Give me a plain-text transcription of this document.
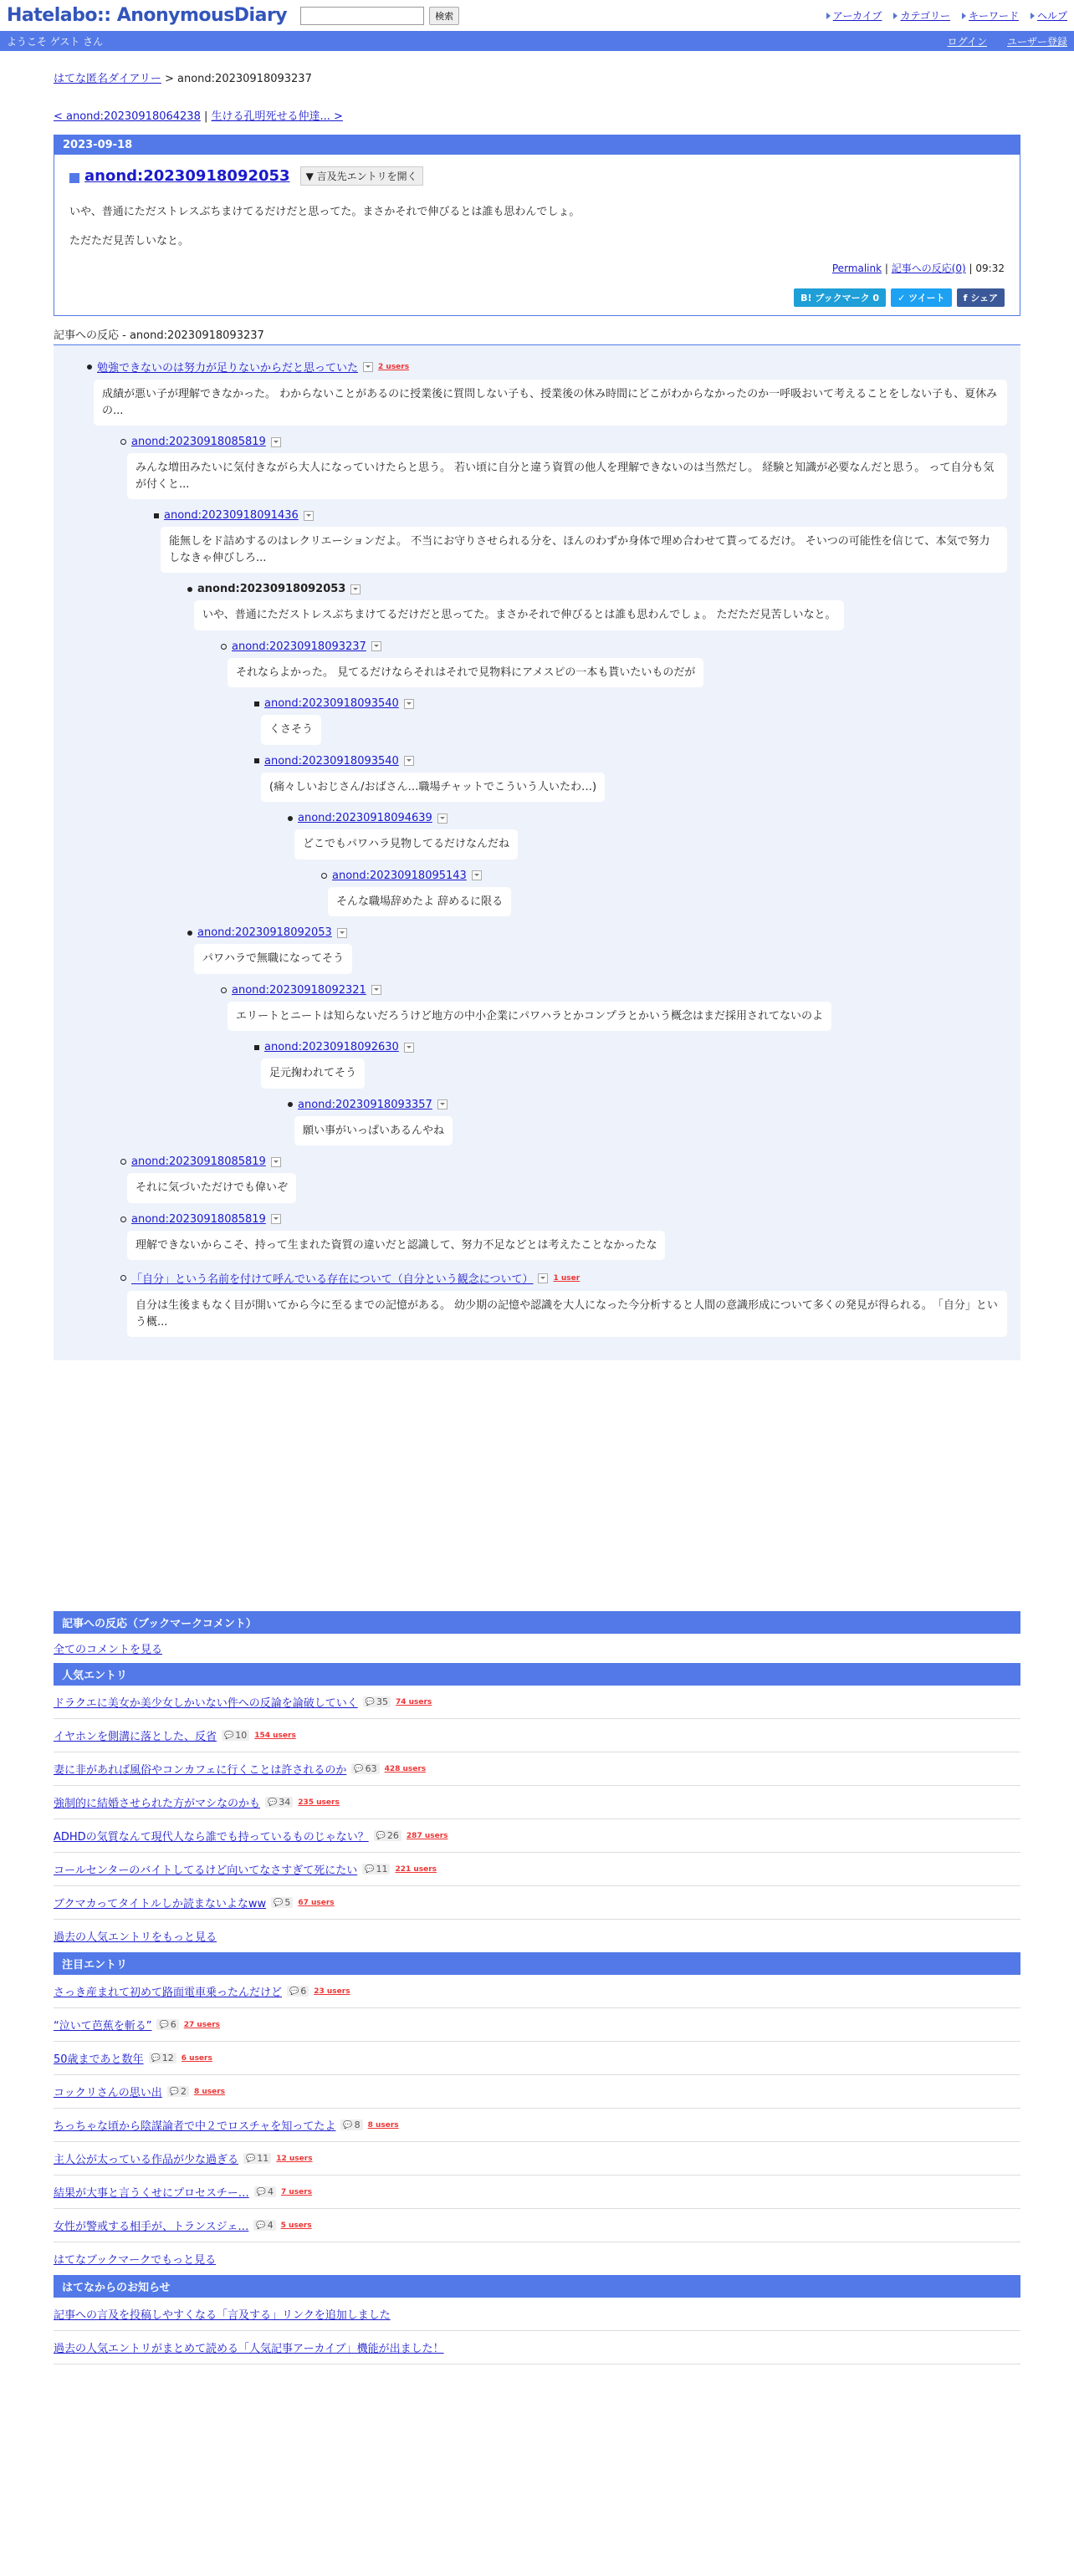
Hatelabo:: AnonymousDiary	検索	アーカイブ カテゴリー キーワード ヘルプ
ようこそ ゲスト さん	ログイン ユーザー登録
はてな匿名ダイアリー > anond:20230918093237
< anond:20230918064238 | 生ける孔明死せる仲達... >
2023-09-18
anond:20230918092053	▼ 言及先エントリを開く

いや、普通にただストレスぶちまけてるだけだと思ってた。まさかそれで伸びるとは誰も思わんでしょ。

ただただ見苦しいなと。

Permalink | 記事への反応(0) | 09:32
B! ブックマーク 0	✓ ツイート	f シェア
記事への反応 - anond:20230918093237
勉強できないのは努力が足りないからだと思っていた	2 users
成績が悪い子が理解できなかった。 わからないことがあるのに授業後に質問しない子も、授業後の休み時間にどこがわからなかったのか一呼吸おいて考えることをしない子も、夏休みの...
anond:20230918085819
みんな増田みたいに気付きながら大人になっていけたらと思う。 若い頃に自分と違う資質の他人を理解できないのは当然だし。 経験と知識が必要なんだと思う。 って自分も気が付くと...
anond:20230918091436
能無しをド詰めするのはレクリエーションだよ。 不当にお守りさせられる分を、ほんのわずか身体で埋め合わせて貰ってるだけ。 そいつの可能性を信じて、本気で努力しなきゃ伸びしろ...
anond:20230918092053
いや、普通にただストレスぶちまけてるだけだと思ってた。まさかそれで伸びるとは誰も思わんでしょ。 ただただ見苦しいなと。
anond:20230918093237
それならよかった。 見てるだけならそれはそれで見物料にアメスピの一本も貰いたいものだが
anond:20230918093540
くさそう
anond:20230918093540
(痛々しいおじさん/おばさん…職場チャットでこういう人いたわ…)
anond:20230918094639
どこでもパワハラ見物してるだけなんだね
anond:20230918095143
そんな職場辞めたよ 辞めるに限る
anond:20230918092053
パワハラで無職になってそう
anond:20230918092321
エリートとニートは知らないだろうけど地方の中小企業にパワハラとかコンプラとかいう概念はまだ採用されてないのよ
anond:20230918092630
足元掬われてそう
anond:20230918093357
願い事がいっぱいあるんやね
anond:20230918085819
それに気づいただけでも偉いぞ
anond:20230918085819
理解できないからこそ、持って生まれた資質の違いだと認識して、努力不足などとは考えたことなかったな
「自分」という名前を付けて呼んでいる存在について（自分という観念について）	1 user
自分は生後まもなく目が開いてから今に至るまでの記憶がある。 幼少期の記憶や認識を大人になった今分析すると人間の意識形成について多くの発見が得られる。　「自分」という概...
記事への反応（ブックマークコメント）
全てのコメントを見る
人気エントリ
ドラクエに美女か美少女しかいない件への反論を論破していく 💬 35 74 users
イヤホンを側溝に落とした、反省 💬 10 154 users
妻に非があれば風俗やコンカフェに行くことは許されるのか 💬 63 428 users
強制的に結婚させられた方がマシなのかも 💬 34 235 users
ADHDの気質なんて現代人なら誰でも持っているものじゃない？ 💬 26 287 users
コールセンターのバイトしてるけど向いてなさすぎて死にたい 💬 11 221 users
ブクマカってタイトルしか読まないよなww 💬 5 67 users
過去の人気エントリをもっと見る
注目エントリ
さっき産まれて初めて路面電車乗ったんだけど 💬 6 23 users
“泣いて芭蕉を斬る” 💬 6 27 users
50歳まであと数年 💬 12 6 users
コックリさんの思い出 💬 2 8 users
ちっちゃな頃から陰謀論者で中２でロスチャを知ってたよ 💬 8 8 users
主人公が太っている作品が少な過ぎる 💬 11 12 users
結果が大事と言うくせにプロセスチー… 💬 4 7 users
女性が警戒する相手が、トランスジェ… 💬 4 5 users
はてなブックマークでもっと見る
はてなからのお知らせ
記事への言及を投稿しやすくなる「言及する」リンクを追加しました
過去の人気エントリがまとめて読める「人気記事アーカイブ」機能が出ました！
